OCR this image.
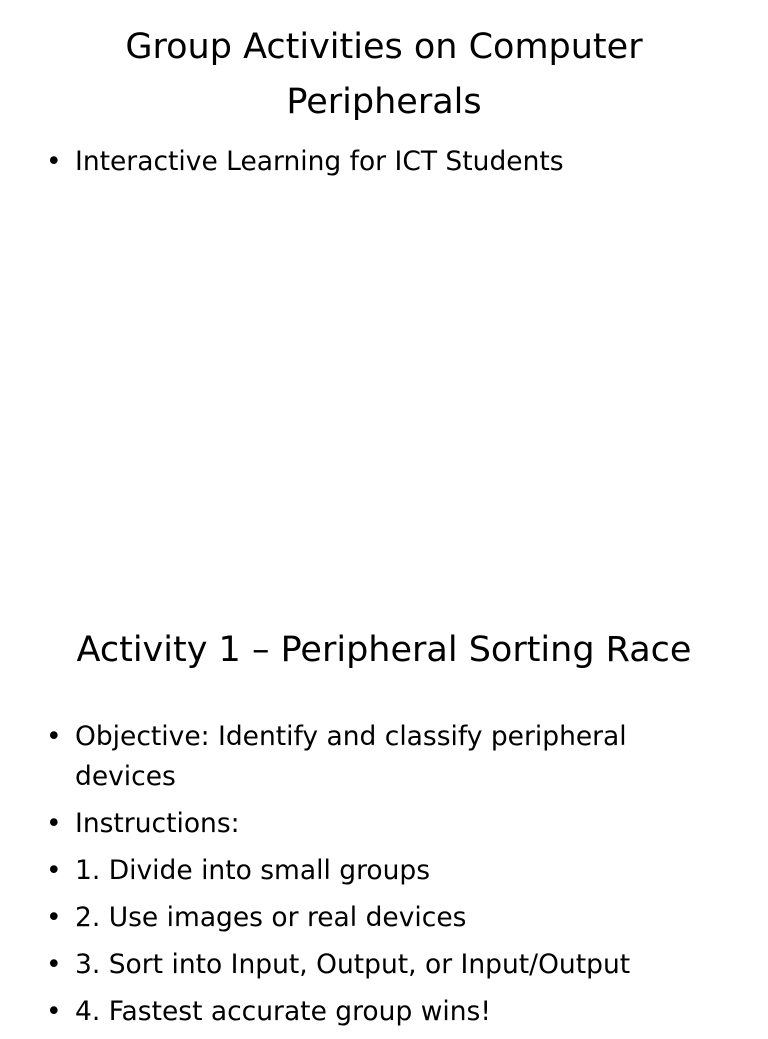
Group Activities on Computer Peripherals
• Interactive Learning for ICT Students
Activity 1 – Peripheral Sorting Race
• Objective: Identify and classify peripheral devices
• Instructions:
• 1. Divide into small groups
• 2. Use images or real devices
• 3. Sort into Input, Output, or Input/Output
• 4. Fastest accurate group wins!
